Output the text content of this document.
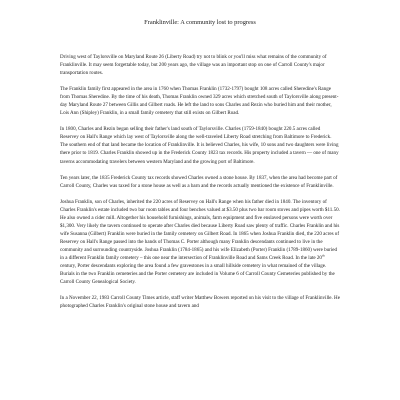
Franklinville: A community lost to progress

Driving west of Taylorsville on Maryland Route 26 (Liberty Road) try not to blink or you'll miss what remains of the community of Franklinville. It may seem forgettable today, but 200 years ago, the village was an important stop on one of Carroll County's major transportation routes.

The Franklin family first appeared in the area in 1760 when Thomas Franklin (1732-1797) bought 108 acres called Sheredine's Range from Thomas Sheredine. By the time of his death, Thomas Franklin owned 329 acres which stretched south of Taylorsville along present-day Maryland Route 27 between Gillis and Gilbert roads. He left the land to sons Charles and Rezin who buried him and their mother, Lois Ann (Shipley) Franklin, in a small family cemetery that still exists on Gilbert Road.

In 1800, Charles and Rezin began selling their father's land south of Taylorsville. Charles (1759-1840) bought 220.5 acres called Reservey on Hall's Range which lay west of Taylorsville along the well-traveled Liberty Road stretching from Baltimore to Frederick. The southern end of that land became the location of Franklinville. It is believed Charles, his wife, 10 sons and two daughters were living there prior to 1819. Charles Franklin showed up in the Frederick County 1823 tax records. His property included a tavern — one of many taverns accommodating travelers between western Maryland and the growing port of Baltimore.

Ten years later, the 1835 Frederick County tax records showed Charles owned a stone house. By 1837, when the area had become part of Carroll County, Charles was taxed for a stone house as well as a barn and the records actually mentioned the existence of Franklinville.

Joshua Franklin, son of Charles, inherited the 220 acres of Reservey on Hall's Range when his father died in 1840. The inventory of Charles Franklin's estate included two bar room tables and four benches valued at $3.50 plus two bar room stoves and pipes worth $11.50. He also owned a cider mill. Altogether his household furnishings, animals, farm equipment and five enslaved persons were worth over $1,300. Very likely the tavern continued to operate after Charles died because Liberty Road saw plenty of traffic. Charles Franklin and his wife Susanna (Gilbert) Franklin were buried in the family cemetery on Gilbert Road. In 1865 when Joshua Franklin died, the 220 acres of Reservey on Hall's Range passed into the hands of Thomas C. Porter although many Franklin descendants continued to live in the community and surrounding countryside. Joshua Franklin (1784-1865) and his wife Elizabeth (Porter) Franklin (1789-1860) were buried in a different Franklin family cemetery – this one near the intersection of Franklinville Road and Sams Creek Road. In the late 20th century, Porter descendants exploring the area found a few gravestones in a small hillside cemetery in what remained of the village. Burials in the two Franklin cemeteries and the Porter cemetery are included in Volume 6 of Carroll County Cemeteries published by the Carroll County Genealogical Society.

In a November 22, 1983 Carroll County Times article, staff writer Matthew Bowers reported on his visit to the village of Franklinville. He photographed Charles Franklin's original stone house and tavern and
